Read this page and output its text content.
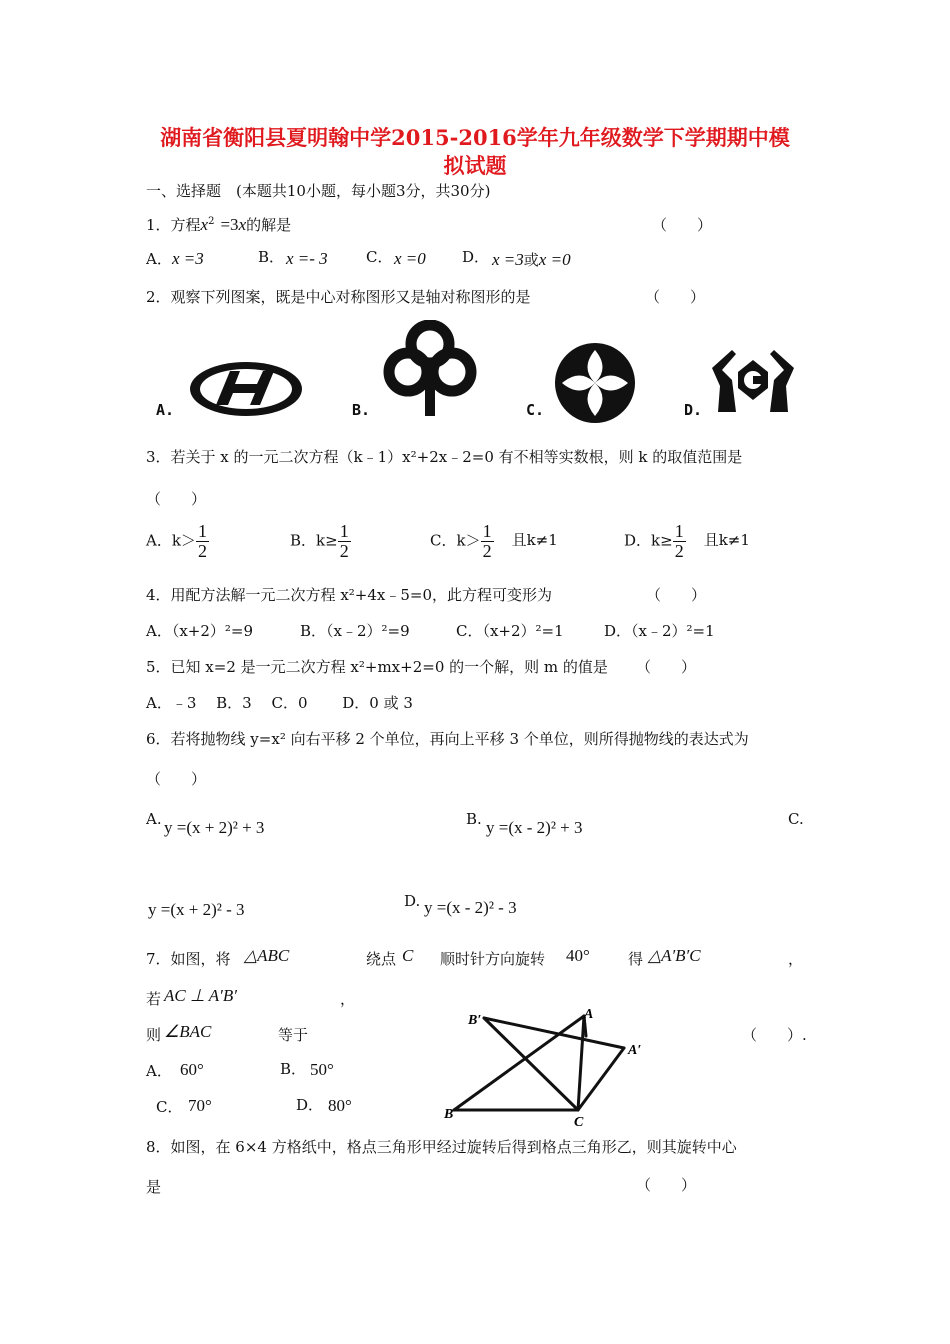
湖南省衡阳县夏明翰中学2015-2016学年九年级数学下学期期中模
拟试题
一、选择题　(本题共10小题，每小题3分，共30分)
1．方程$x^2 =3x$的解是	（　　）
A． x =3	B． x =- 3	C． x =0 D． x =3或x =0
2．观察下列图案，既是中心对称图形又是轴对称图形的是	（　　）
A.	B.	C.	D.
3．若关于 x 的一元二次方程（k﹣1）x²+2x﹣2=0 有不相等实数根，则 k 的取值范围是
（　　）
A．$k> \frac{1}{2}$	B．$k\ge \frac{1}{2}$	C．$k> \frac{1}{2}$ 且k≠1	D．$k\ge \frac{1}{2}$ 且k≠1
4．用配方法解一元二次方程 x²+4x﹣5=0，此方程可变形为	（　　）
A．（x+2）²=9	B．（x﹣2）²=9	C．（x+2）²=1	D．（x﹣2）²=1
5．已知 x=2 是一元二次方程 x²+mx+2=0 的一个解，则 m 的值是 （　　）
A．﹣3　 B．3　 C．0　　 D．0 或 3
6．若将抛物线 y=x² 向右平移 2 个单位，再向上平移 3 个单位，则所得抛物线的表达式为
（　　）
A. y =(x + 2)² + 3	B. y =(x - 2)² + 3	C.
y =(x + 2)² - 3	D. y =(x - 2)² - 3
7．如图，将 △ABC	绕点 C 顺时针方向旋转 40°	得 △A′B′C	，
若 AC ⊥ A′B′	，
则 ∠BAC	等于	（　　）.
A． 60°	B． 50°
C． 70°	D． 80°
B′	A
A′
B
C
8．如图，在 6×4 方格纸中，格点三角形甲经过旋转后得到格点三角形乙，则其旋转中心
是	（　　）
